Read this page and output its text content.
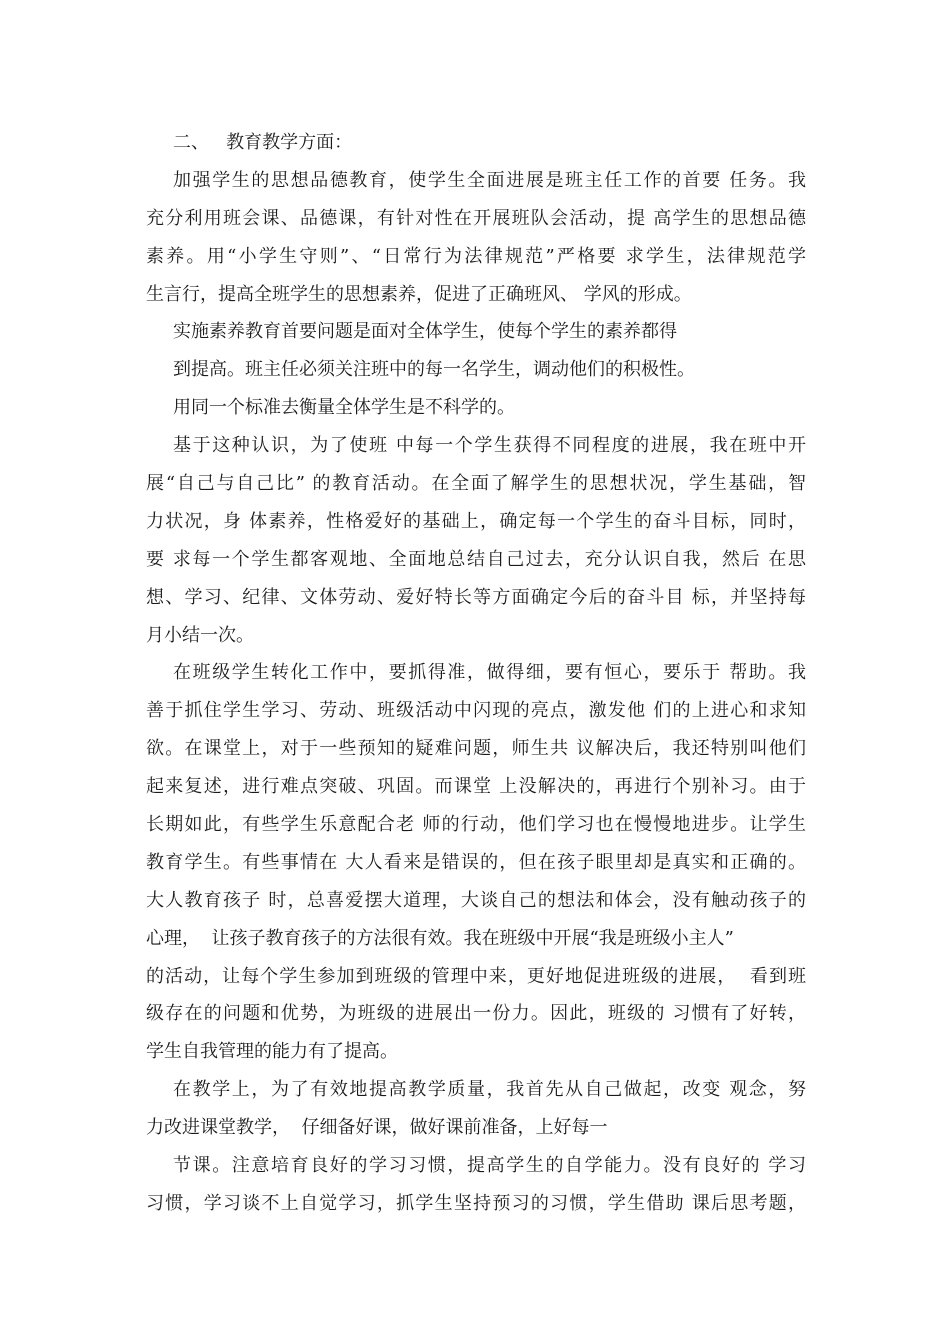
二、   教育教学方面：
加强学生的思想品德教育，使学生全面进展是班主任工作的首要 任务。我
充分利用班会课、品德课，有针对性在开展班队会活动，提 高学生的思想品德
素养。用“小学生守则”、“日常行为法律规范”严格要 求学生，法律规范学
生言行，提高全班学生的思想素养，促进了正确班风、 学风的形成。
实施素养教育首要问题是面对全体学生，使每个学生的素养都得
到提高。班主任必须关注班中的每一名学生，调动他们的积极性。
用同一个标准去衡量全体学生是不科学的。
基于这种认识，为了使班 中每一个学生获得不同程度的进展，我在班中开
展“自己与自己比” 的教育活动。在全面了解学生的思想状况，学生基础，智
力状况，身 体素养，性格爱好的基础上，确定每一个学生的奋斗目标，同时，
要 求每一个学生都客观地、全面地总结自己过去，充分认识自我，然后 在思
想、学习、纪律、文体劳动、爱好特长等方面确定今后的奋斗目 标，并坚持每
月小结一次。
在班级学生转化工作中，要抓得准，做得细，要有恒心，要乐于 帮助。我
善于抓住学生学习、劳动、班级活动中闪现的亮点，激发他 们的上进心和求知
欲。在课堂上，对于一些预知的疑难问题，师生共 议解决后，我还特别叫他们
起来复述，进行难点突破、巩固。而课堂 上没解决的，再进行个别补习。由于
长期如此，有些学生乐意配合老 师的行动，他们学习也在慢慢地进步。让学生
教育学生。有些事情在 大人看来是错误的，但在孩子眼里却是真实和正确的。
大人教育孩子 时，总喜爱摆大道理，大谈自己的想法和体会，没有触动孩子的
心理，  让孩子教育孩子的方法很有效。我在班级中开展“我是班级小主人”
的活动，让每个学生参加到班级的管理中来，更好地促进班级的进展，  看到班
级存在的问题和优势，为班级的进展出一份力。因此，班级的 习惯有了好转，
学生自我管理的能力有了提高。
在教学上，为了有效地提高教学质量，我首先从自己做起，改变 观念，努
力改进课堂教学，  仔细备好课，做好课前准备，上好每一
节课。注意培育良好的学习习惯，提高学生的自学能力。没有良好的 学习
习惯，学习谈不上自觉学习，抓学生坚持预习的习惯，学生借助 课后思考题，
